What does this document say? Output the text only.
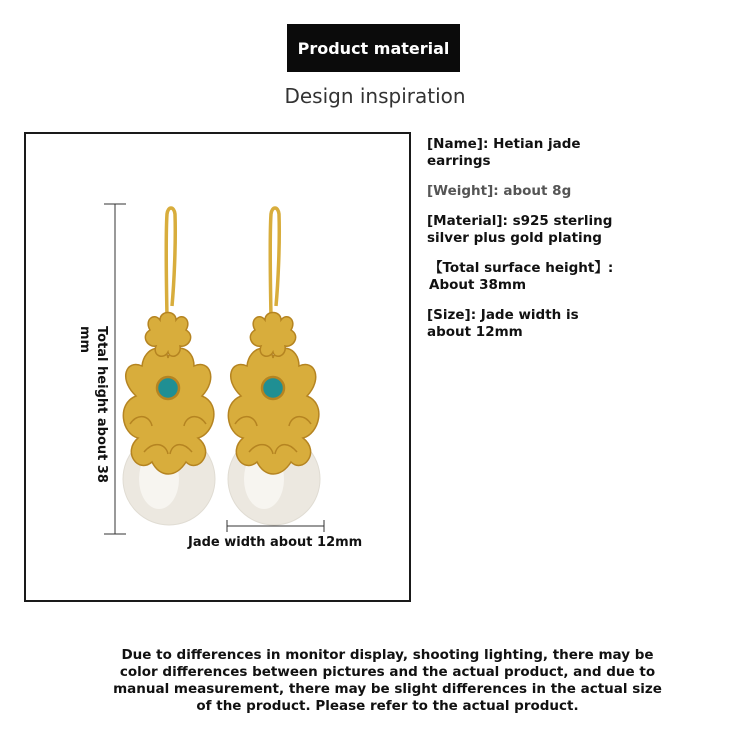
Product material
Design inspiration
Total height about 38 mm
Jade width about 12mm
[Name]: Hetian jade earrings
[Weight]: about 8g
[Material]: s925 sterling silver plus gold plating
【Total surface height】: About 38mm
[Size]: Jade width is about 12mm
Due to differences in monitor display, shooting lighting, there may be color differences between pictures and the actual product, and due to manual measurement, there may be slight differences in the actual size of the product. Please refer to the actual product.
